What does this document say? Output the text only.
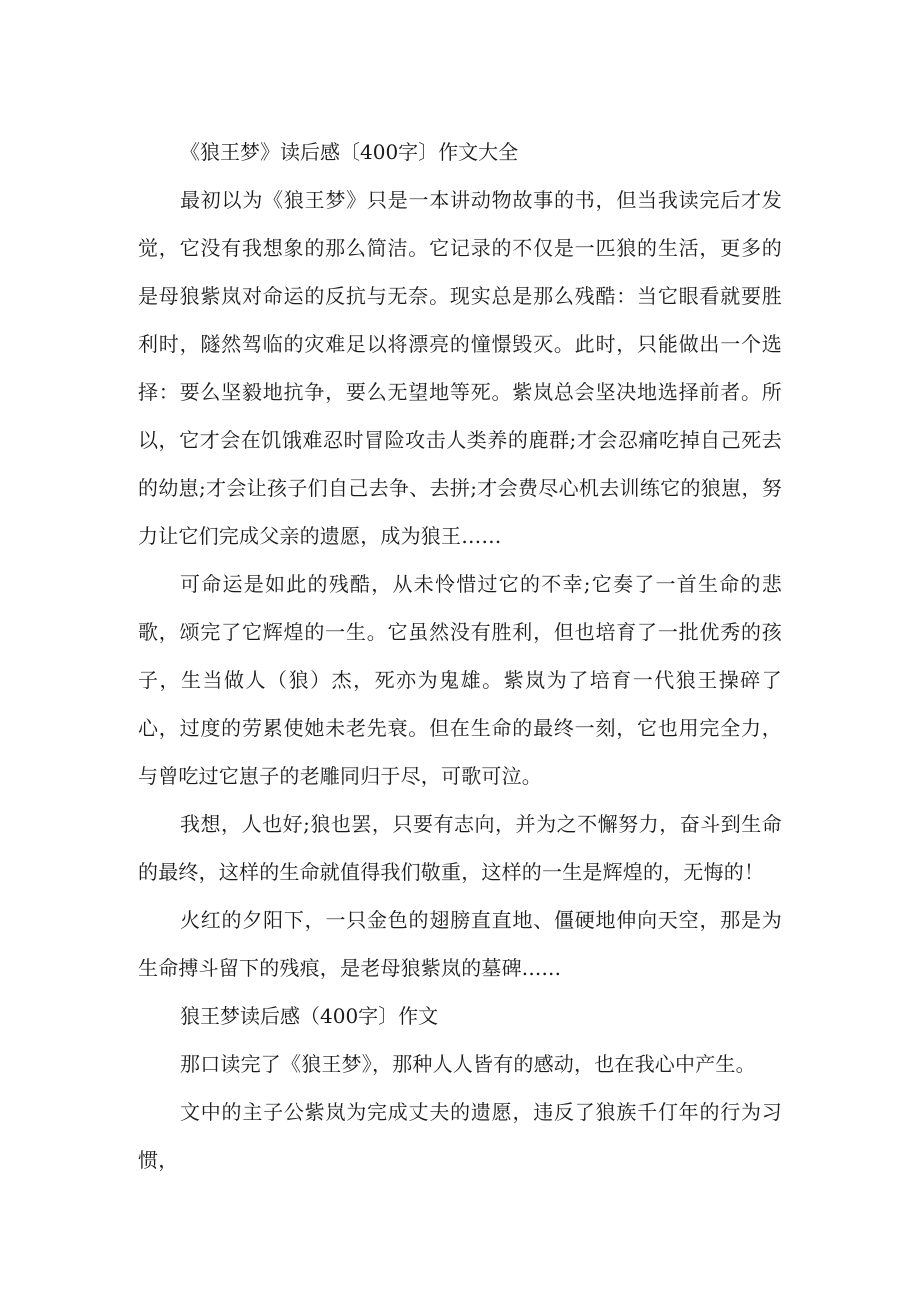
《狼王梦》读后感〔400字〕作文大全

最初以为《狼王梦》只是一本讲动物故事的书，但当我读完后才发觉，它没有我想象的那么简洁。它记录的不仅是一匹狼的生活，更多的是母狼紫岚对命运的反抗与无奈。现实总是那么残酷：当它眼看就要胜利时，隧然驾临的灾难足以将漂亮的憧憬毁灭。此时，只能做出一个选择：要么坚毅地抗争，要么无望地等死。紫岚总会坚决地选择前者。所以，它才会在饥饿难忍时冒险攻击人类养的鹿群;才会忍痛吃掉自己死去的幼崽;才会让孩子们自己去争、去拼;才会费尽心机去训练它的狼崽，努力让它们完成父亲的遗愿，成为狼王……

可命运是如此的残酷，从未怜惜过它的不幸;它奏了一首生命的悲歌，颂完了它辉煌的一生。它虽然没有胜利，但也培育了一批优秀的孩子，生当做人（狼）杰，死亦为鬼雄。紫岚为了培育一代狼王操碎了心，过度的劳累使她未老先衰。但在生命的最终一刻，它也用完全力，与曾吃过它崽子的老雕同归于尽，可歌可泣。

我想，人也好;狼也罢，只要有志向，并为之不懈努力，奋斗到生命的最终，这样的生命就值得我们敬重，这样的一生是辉煌的，无悔的！

火红的夕阳下，一只金色的翅膀直直地、僵硬地伸向天空，那是为生命搏斗留下的残痕，是老母狼紫岚的墓碑......

狼王梦读后感（400字〕作文

那口读完了《狼王梦》，那种人人皆有的感动，也在我心中产生。

文中的主子公紫岚为完成丈夫的遗愿，违反了狼族千仃年的行为习惯，
